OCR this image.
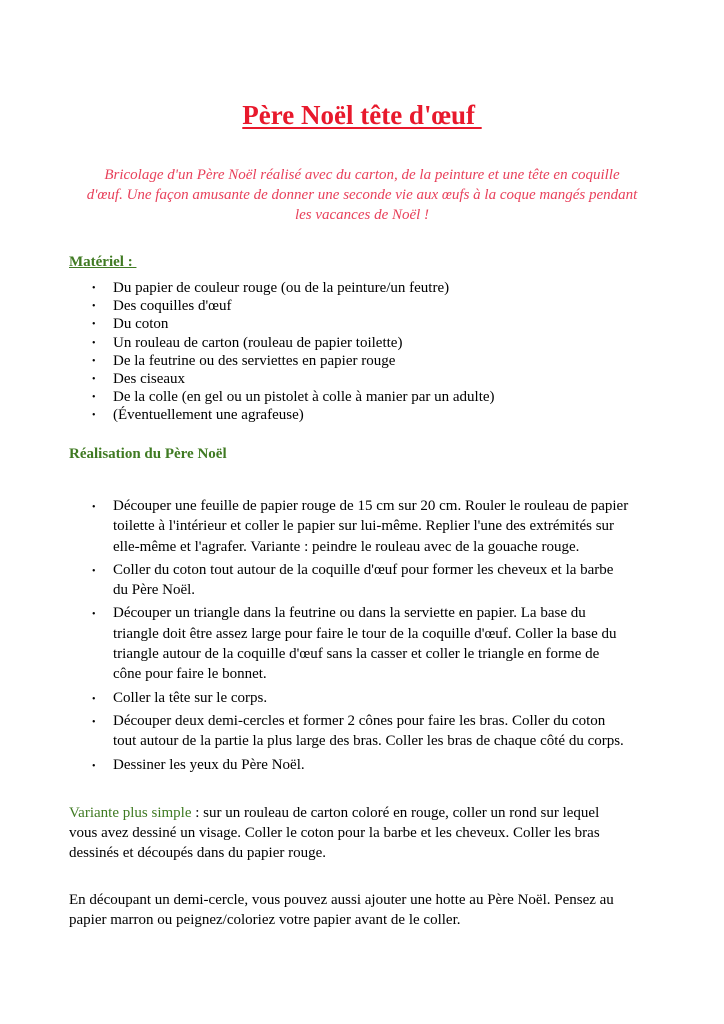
Père Noël tête d'œuf
Bricolage d'un Père Noël réalisé avec du carton, de la peinture et une tête en coquille
d'œuf. Une façon amusante de donner une seconde vie aux œufs à la coque mangés pendant
les vacances de Noël !
Matériel :
• Du papier de couleur rouge (ou de la peinture/un feutre)
• Des coquilles d'œuf
• Du coton
• Un rouleau de carton (rouleau de papier toilette)
• De la feutrine ou des serviettes en papier rouge
• Des ciseaux
• De la colle (en gel ou un pistolet à colle à manier par un adulte)
• (Éventuellement une agrafeuse)
Réalisation du Père Noël
• Découper une feuille de papier rouge de 15 cm sur 20 cm. Rouler le rouleau de papier
toilette à l'intérieur et coller le papier sur lui-même. Replier l'une des extrémités sur
elle-même et l'agrafer. Variante : peindre le rouleau avec de la gouache rouge.
• Coller du coton tout autour de la coquille d'œuf pour former les cheveux et la barbe
du Père Noël.
• Découper un triangle dans la feutrine ou dans la serviette en papier. La base du
triangle doit être assez large pour faire le tour de la coquille d'œuf. Coller la base du
triangle autour de la coquille d'œuf sans la casser et coller le triangle en forme de
cône pour faire le bonnet.
• Coller la tête sur le corps.
• Découper deux demi-cercles et former 2 cônes pour faire les bras. Coller du coton
tout autour de la partie la plus large des bras. Coller les bras de chaque côté du corps.
• Dessiner les yeux du Père Noël.
Variante plus simple : sur un rouleau de carton coloré en rouge, coller un rond sur lequel
vous avez dessiné un visage. Coller le coton pour la barbe et les cheveux. Coller les bras
dessinés et découpés dans du papier rouge.
En découpant un demi-cercle, vous pouvez aussi ajouter une hotte au Père Noël. Pensez au
papier marron ou peignez/coloriez votre papier avant de le coller.
